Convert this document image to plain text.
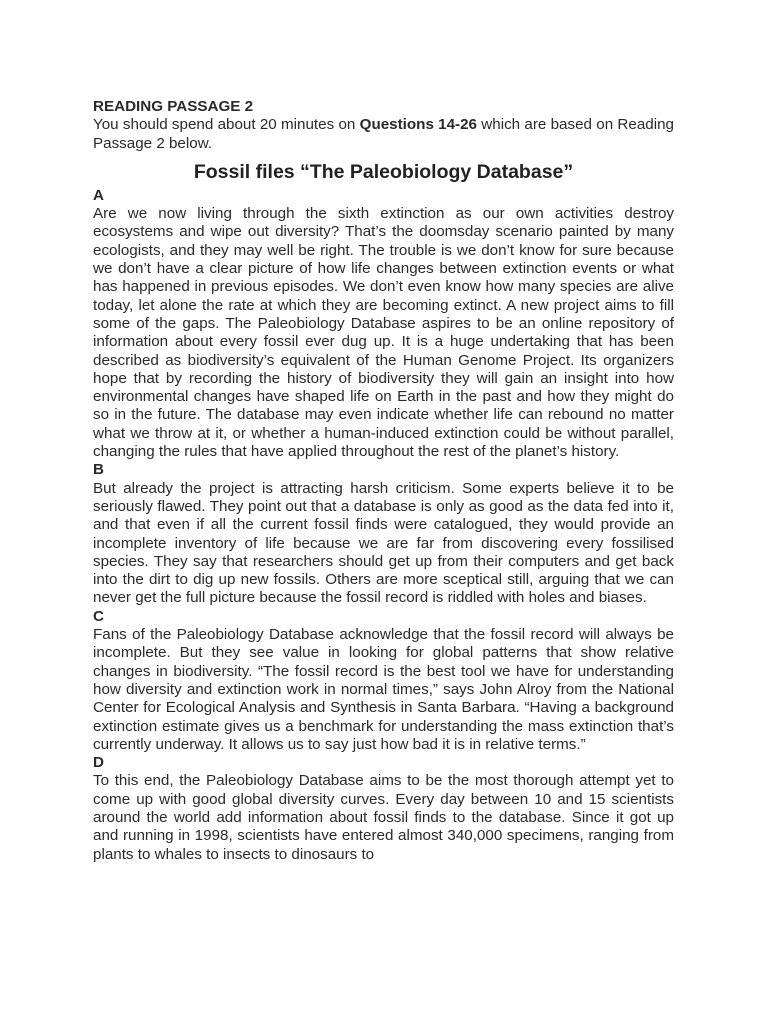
READING PASSAGE 2

You should spend about 20 minutes on Questions 14-26 which are based on Reading Passage 2 below.

Fossil files “The Paleobiology Database”

A

Are we now living through the sixth extinction as our own activities destroy ecosystems and wipe out diversity? That’s the doomsday scenario painted by many ecologists, and they may well be right. The trouble is we don’t know for sure because we don’t have a clear picture of how life changes between extinction events or what has happened in previous episodes. We don’t even know how many species are alive today, let alone the rate at which they are becoming extinct. A new project aims to fill some of the gaps. The Paleobiology Database aspires to be an online repository of information about every fossil ever dug up. It is a huge undertaking that has been described as biodiversity’s equivalent of the Human Genome Project. Its organizers hope that by recording the history of biodiversity they will gain an insight into how environmental changes have shaped life on Earth in the past and how they might do so in the future. The database may even indicate whether life can rebound no matter what we throw at it, or whether a human-induced extinction could be without parallel, changing the rules that have applied throughout the rest of the planet’s history.

B

But already the project is attracting harsh criticism. Some experts believe it to be seriously flawed. They point out that a database is only as good as the data fed into it, and that even if all the current fossil finds were catalogued, they would provide an incomplete inventory of life because we are far from discovering every fossilised species. They say that researchers should get up from their computers and get back into the dirt to dig up new fossils. Others are more sceptical still, arguing that we can never get the full picture because the fossil record is riddled with holes and biases.

C

Fans of the Paleobiology Database acknowledge that the fossil record will always be incomplete. But they see value in looking for global patterns that show relative changes in biodiversity. “The fossil record is the best tool we have for understanding how diversity and extinction work in normal times,” says John Alroy from the National Center for Ecological Analysis and Synthesis in Santa Barbara. “Having a background extinction estimate gives us a benchmark for understanding the mass extinction that’s currently underway. It allows us to say just how bad it is in relative terms.”

D

To this end, the Paleobiology Database aims to be the most thorough attempt yet to come up with good global diversity curves. Every day between 10 and 15 scientists around the world add information about fossil finds to the database. Since it got up and running in 1998, scientists have entered almost 340,000 specimens, ranging from plants to whales to insects to dinosaurs to
